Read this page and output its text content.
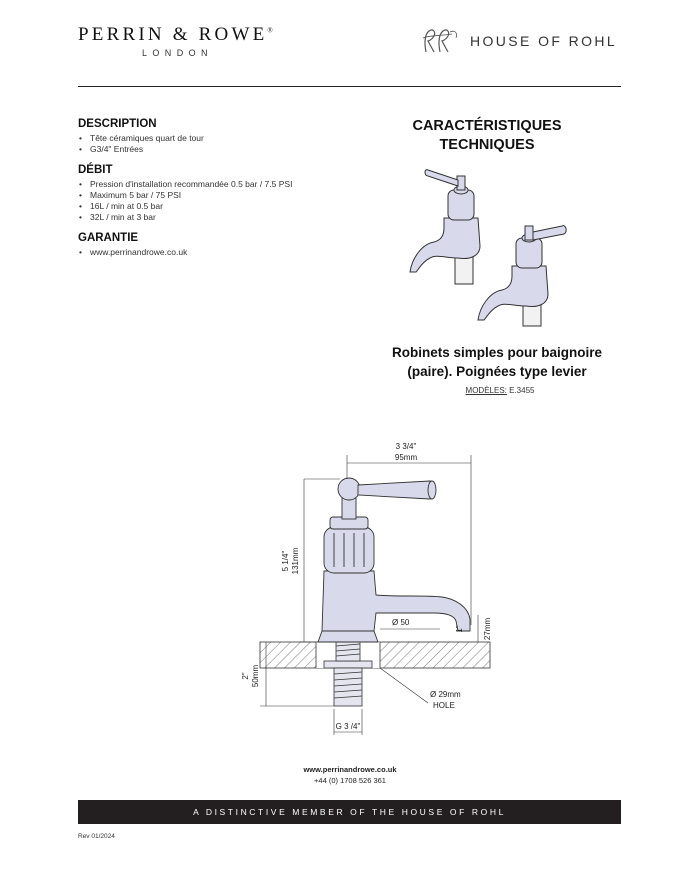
PERRIN & ROWE®
LONDON
HOUSE OF ROHL
DESCRIPTION
• Tête céramiques quart de tour
• G3/4" Entrées
DÉBIT
• Pression d'installation recommandée 0.5 bar / 7.5 PSI
• Maximum 5 bar / 75 PSI
• 16L / min at 0.5 bar
• 32L / min at 3 bar
GARANTIE
• www.perrinandrowe.co.uk
CARACTÉRISTIQUES
TECHNIQUES
Robinets simples pour baignoire
(paire). Poignées type levier
MODÈLES: E.3455
3 3/4"
95mm
5 1/4" 131mm
Ø 50
1" 27mm
2" 50mm
Ø 29mm
HOLE
G 3 /4"
www.perrinandrowe.co.uk
+44 (0) 1708 526 361
A DISTINCTIVE MEMBER OF THE HOUSE OF ROHL
Rev 01/2024
